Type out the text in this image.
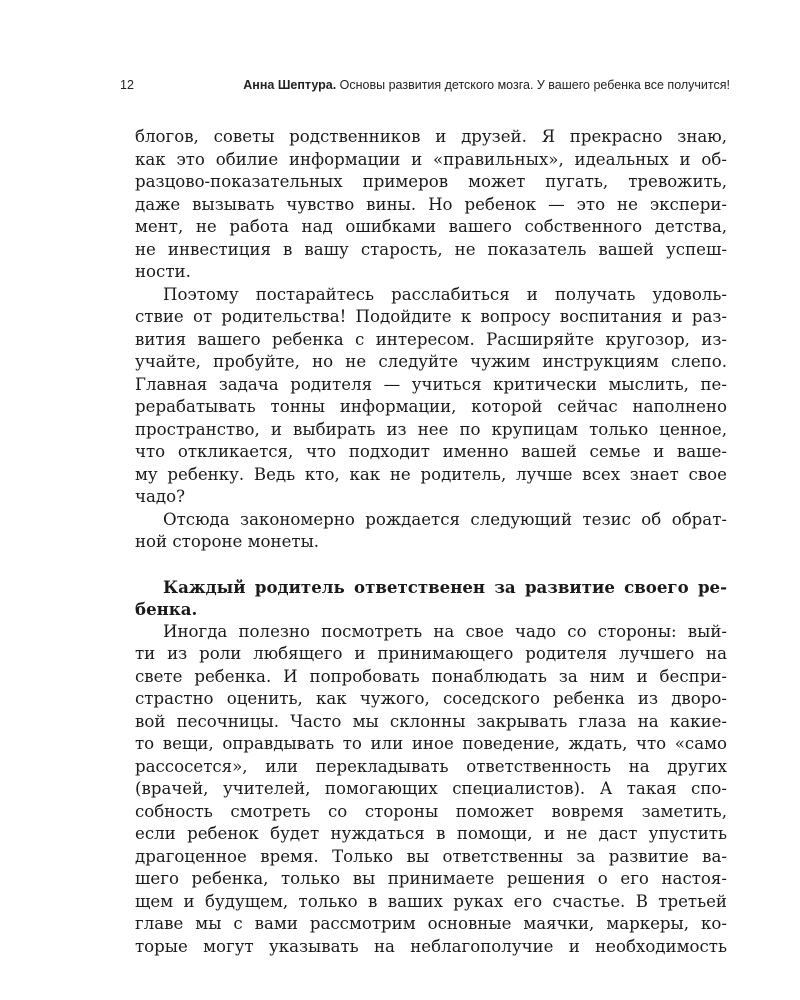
12	Анна Шептура. Основы развития детского мозга. У вашего ребенка все получится!
блогов, советы родственников и друзей. Я прекрасно знаю,
как это обилие информации и «правильных», идеальных и об-
разцово-показательных примеров может пугать, тревожить,
даже вызывать чувство вины. Но ребенок — это не экспери-
мент, не работа над ошибками вашего собственного детства,
не инвестиция в вашу старость, не показатель вашей успеш-
ности.
Поэтому постарайтесь расслабиться и получать удоволь-
ствие от родительства! Подойдите к вопросу воспитания и раз-
вития вашего ребенка с интересом. Расширяйте кругозор, из-
учайте, пробуйте, но не следуйте чужим инструкциям слепо.
Главная задача родителя — учиться критически мыслить, пе-
рерабатывать тонны информации, которой сейчас наполнено
пространство, и выбирать из нее по крупицам только ценное,
что откликается, что подходит именно вашей семье и ваше-
му ребенку. Ведь кто, как не родитель, лучше всех знает свое
чадо?
Отсюда закономерно рождается следующий тезис об обрат-
ной стороне монеты.
Каждый родитель ответственен за развитие своего ре-
бенка.
Иногда полезно посмотреть на свое чадо со стороны: вый-
ти из роли любящего и принимающего родителя лучшего на
свете ребенка. И попробовать понаблюдать за ним и беспри-
страстно оценить, как чужого, соседского ребенка из дворо-
вой песочницы. Часто мы склонны закрывать глаза на какие-
то вещи, оправдывать то или иное поведение, ждать, что «само
рассосется», или перекладывать ответственность на других
(врачей, учителей, помогающих специалистов). А такая спо-
собность смотреть со стороны поможет вовремя заметить,
если ребенок будет нуждаться в помощи, и не даст упустить
драгоценное время. Только вы ответственны за развитие ва-
шего ребенка, только вы принимаете решения о его настоя-
щем и будущем, только в ваших руках его счастье. В третьей
главе мы с вами рассмотрим основные маячки, маркеры, ко-
торые могут указывать на неблагополучие и необходимость
